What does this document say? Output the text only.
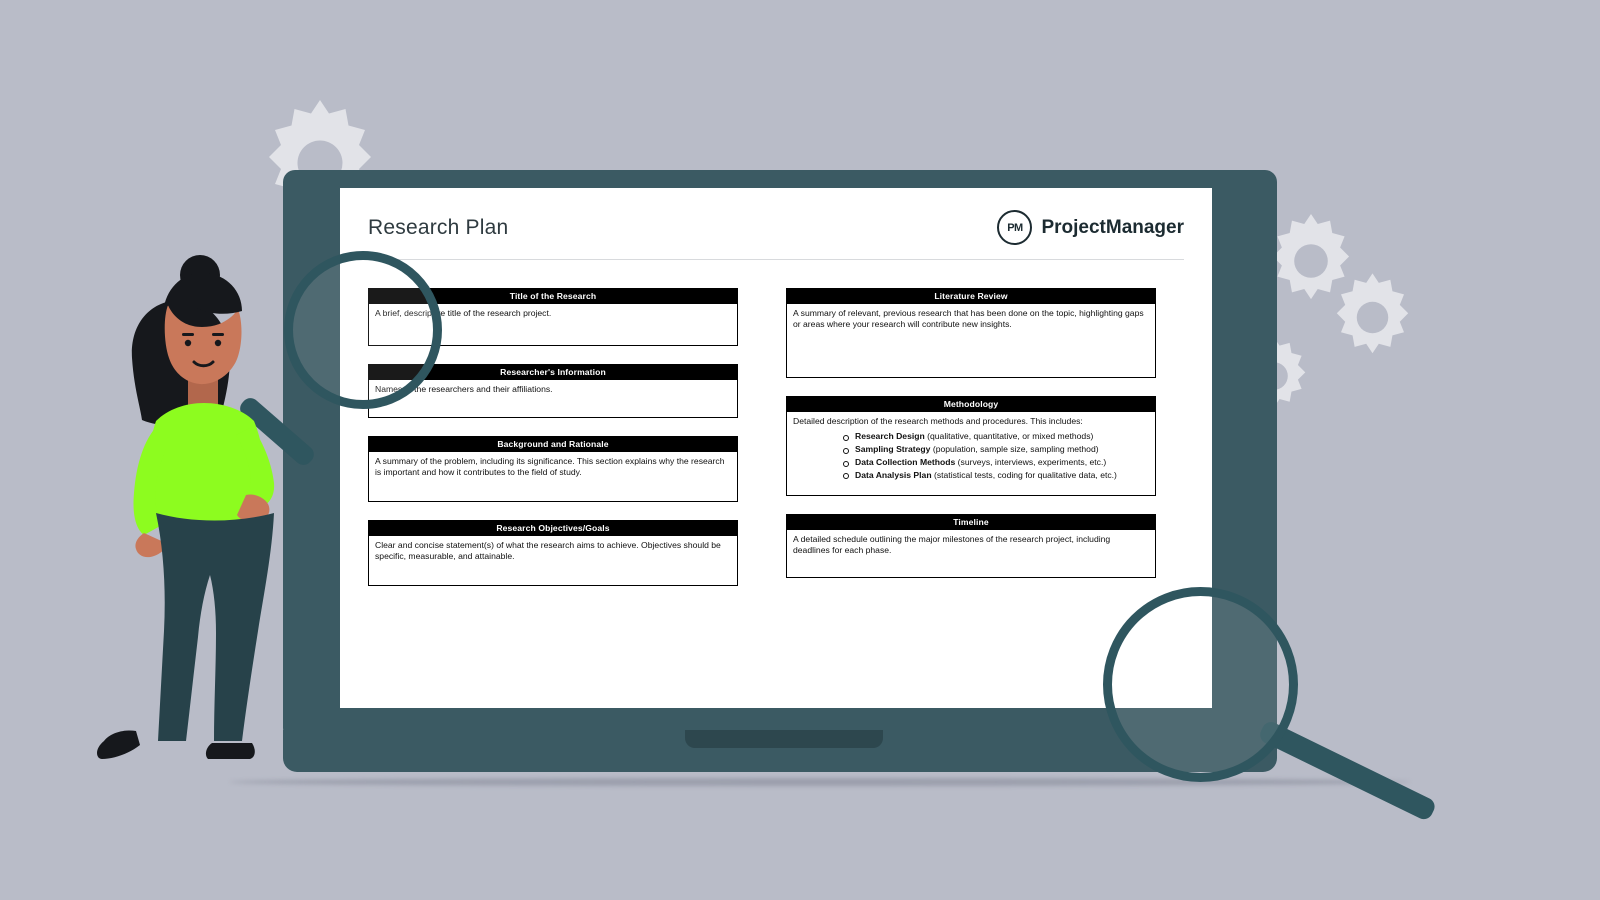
Research Plan	PM ProjectManager
Title of the Research
A brief, descriptive title of the research project.
Researcher's Information
Names of the researchers and their affiliations.
Background and Rationale
A summary of the problem, including its significance. This section explains why the research is important and how it contributes to the field of study.
Research Objectives/Goals
Clear and concise statement(s) of what the research aims to achieve. Objectives should be specific, measurable, and attainable.
Literature Review
A summary of relevant, previous research that has been done on the topic, highlighting gaps or areas where your research will contribute new insights.
Methodology
Detailed description of the research methods and procedures. This includes:
Research Design (qualitative, quantitative, or mixed methods)
Sampling Strategy (population, sample size, sampling method)
Data Collection Methods (surveys, interviews, experiments, etc.)
Data Analysis Plan (statistical tests, coding for qualitative data, etc.)
Timeline
A detailed schedule outlining the major milestones of the research project, including deadlines for each phase.
